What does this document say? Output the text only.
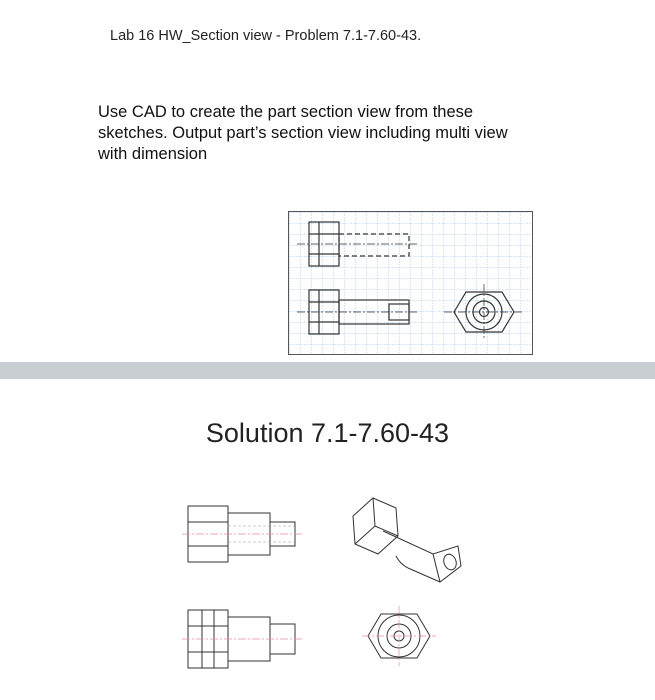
Lab 16 HW_Section view - Problem 7.1-7.60-43.
Use CAD to create the part section view from these sketches. Output part’s section view including multi view with dimension
Solution 7.1-7.60-43
